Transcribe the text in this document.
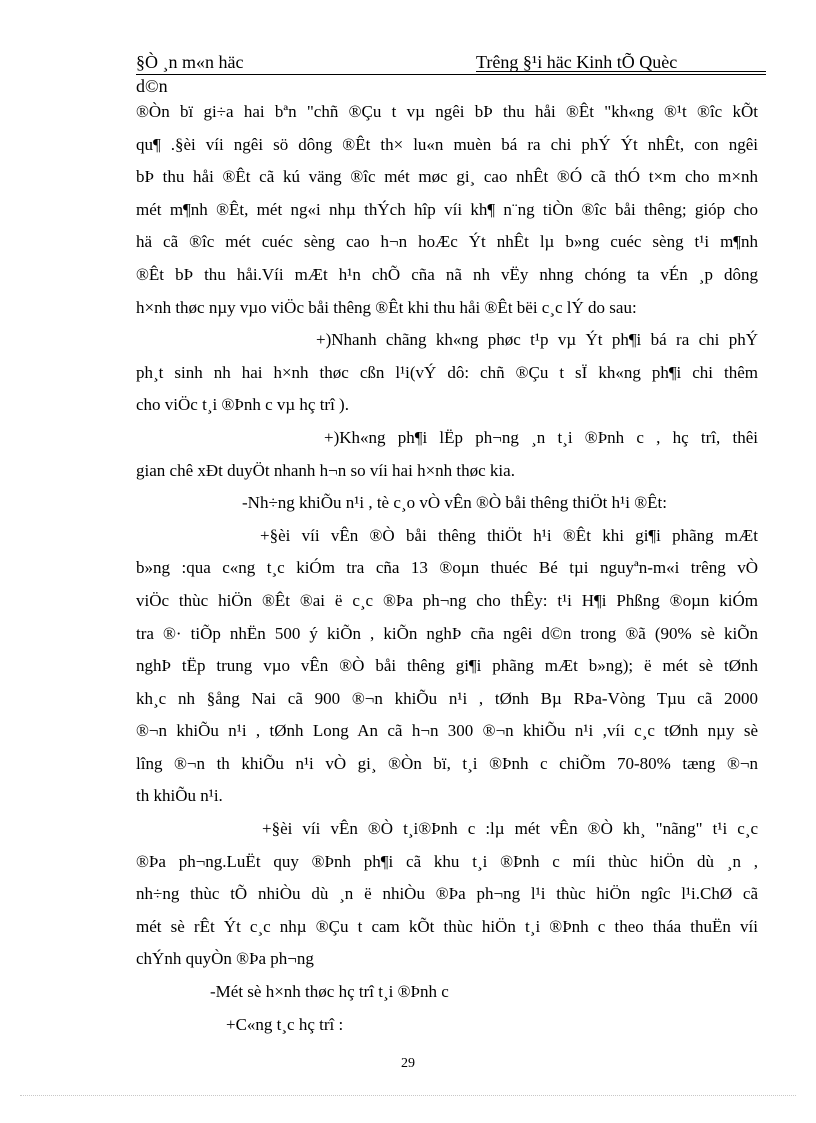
§Ò ¸n m«n häc	Trêng §¹i häc Kinh tÕ Quèc
d©n
®Òn bï gi÷a hai bªn "chñ ®Çu t vµ ngêi bÞ thu håi ®Êt "kh«ng ®¹t ®îc kÕt
qu¶ .§èi víi ngêi sö dông ®Êt th× lu«n muèn bá ra chi phÝ Ýt nhÊt, con ngêi
bÞ thu håi ®Êt cã kú väng ®îc mét møc gi¸ cao nhÊt ®Ó cã thÓ t×m cho m×nh
mét m¶nh ®Êt, mét ng«i nhµ thÝch hîp víi kh¶ n¨ng tiÒn ®îc båi thêng; gióp cho
hä cã ®îc mét cuéc sèng cao h¬n hoÆc Ýt nhÊt lµ b»ng cuéc sèng t¹i m¶nh
®Êt bÞ thu håi.Víi mÆt h¹n chÕ cña nã nh vËy nhng chóng ta vÉn ¸p dông
h×nh thøc nµy vµo viÖc båi thêng ®Êt khi thu håi ®Êt bëi c¸c lÝ do sau:
+)Nhanh chãng kh«ng phøc t¹p vµ Ýt ph¶i bá ra chi phÝ
ph¸t sinh nh hai h×nh thøc cßn l¹i(vÝ dô: chñ ®Çu t sÏ kh«ng ph¶i chi thêm
cho viÖc t¸i ®Þnh c vµ hç trî ).
+)Kh«ng ph¶i lËp ph¬ng ¸n t¸i ®Þnh c , hç trî, thêi
gian chê xÐt duyÖt nhanh h¬n so víi hai h×nh thøc kia.
-Nh÷ng khiÕu n¹i , tè c¸o vÒ vÊn ®Ò båi thêng thiÖt h¹i ®Êt:
+§èi víi vÊn ®Ò båi thêng thiÖt h¹i ®Êt khi gi¶i phãng mÆt
b»ng :qua c«ng t¸c kiÓm tra cña 13 ®oµn thuéc Bé tµi nguyªn-m«i trêng vÒ
viÖc thùc hiÖn ®Êt ®ai ë c¸c ®Þa ph¬ng cho thÊy: t¹i H¶i Phßng ®oµn kiÓm
tra ®· tiÕp nhËn 500 ý kiÕn , kiÕn nghÞ cña ngêi d©n trong ®ã (90% sè kiÕn
nghÞ tËp trung vµo vÊn ®Ò båi thêng gi¶i phãng mÆt b»ng); ë mét sè tØnh
kh¸c nh §ång Nai cã 900 ®¬n khiÕu n¹i , tØnh Bµ RÞa-Vòng Tµu cã 2000
®¬n khiÕu n¹i , tØnh Long An cã h¬n 300 ®¬n khiÕu n¹i ,víi c¸c tØnh nµy sè
lîng ®¬n th khiÕu n¹i vÒ gi¸ ®Òn bï, t¸i ®Þnh c chiÕm 70-80% tæng ®¬n
th khiÕu n¹i.
+§èi víi vÊn ®Ò t¸i®Þnh c :lµ mét vÊn ®Ò kh¸ "nãng" t¹i c¸c
®Þa ph¬ng.LuËt quy ®Þnh ph¶i cã khu t¸i ®Þnh c míi thùc hiÖn dù ¸n ,
nh÷ng thùc tÕ nhiÒu dù ¸n ë nhiÒu ®Þa ph¬ng l¹i thùc hiÖn ngîc l¹i.ChØ cã
mét sè rÊt Ýt c¸c nhµ ®Çu t cam kÕt thùc hiÖn t¸i ®Þnh c theo tháa thuËn víi
chÝnh quyÒn ®Þa ph¬ng
-Mét sè h×nh thøc hç trî t¸i ®Þnh c
+C«ng t¸c hç trî :
29
